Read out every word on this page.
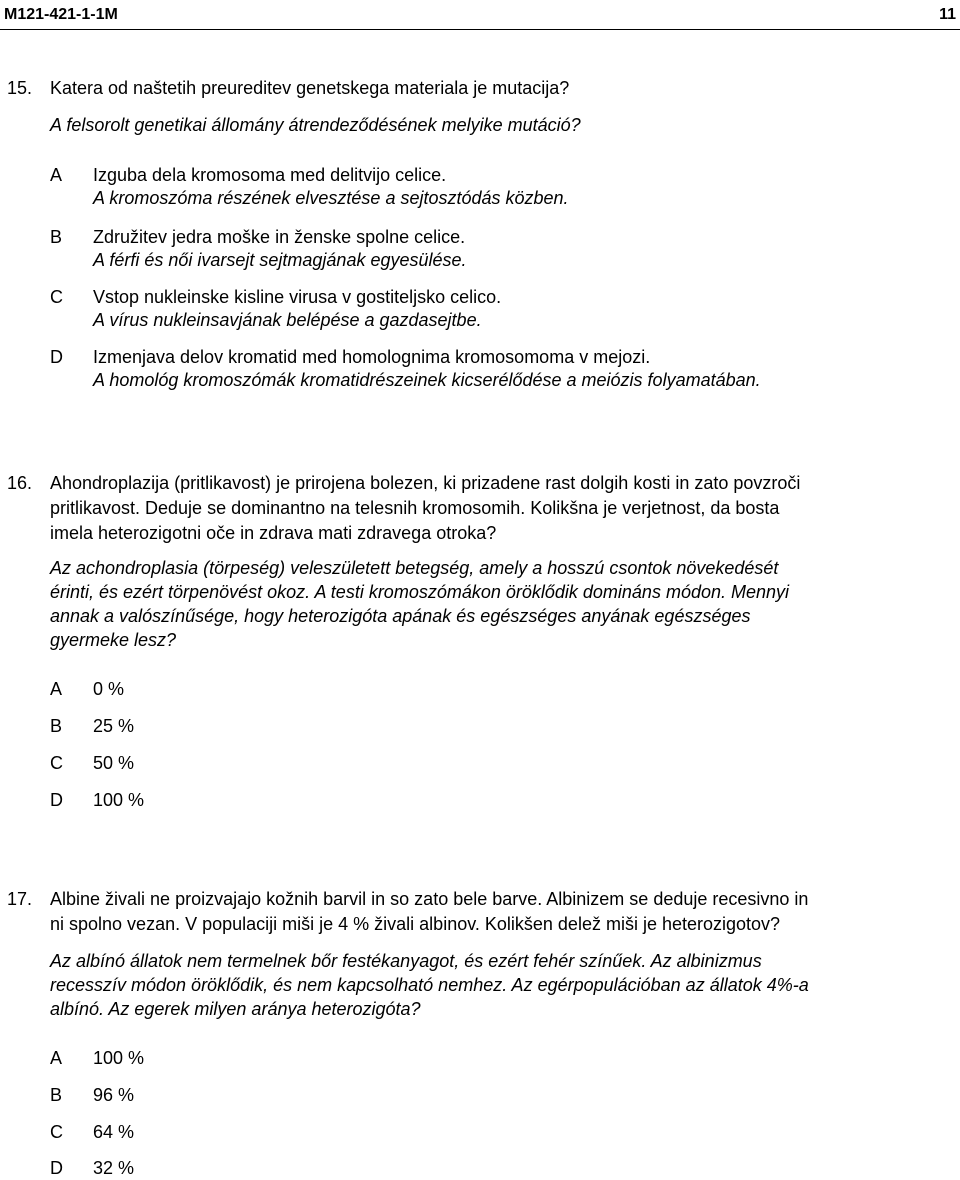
M121-421-1-1M	11
15. Katera od naštetih preureditev genetskega materiala je mutacija?
A felsorolt genetikai állomány átrendeződésének melyike mutáció?
A Izguba dela kromosoma med delitvijo celice.
A kromoszóma részének elvesztése a sejtosztódás közben.
B Združitev jedra moške in ženske spolne celice.
A férfi és női ivarsejt sejtmagjának egyesülése.
C Vstop nukleinske kisline virusa v gostiteljsko celico.
A vírus nukleinsavjának belépése a gazdasejtbe.
D Izmenjava delov kromatid med homolognima kromosomoma v mejozi.
A homológ kromoszómák kromatidrészeinek kicserélődése a meiózis folyamatában.
16. Ahondroplazija (pritlikavost) je prirojena bolezen, ki prizadene rast dolgih kosti in zato povzroči
pritlikavost. Deduje se dominantno na telesnih kromosomih. Kolikšna je verjetnost, da bosta
imela heterozigotni oče in zdrava mati zdravega otroka?
Az achondroplasia (törpeség) veleszületett betegség, amely a hosszú csontok növekedését
érinti, és ezért törpenövést okoz. A testi kromoszómákon öröklődik domináns módon. Mennyi
annak a valószínűsége, hogy heterozigóta apának és egészséges anyának egészséges
gyermeke lesz?
A 0 %
B 25 %
C 50 %
D 100 %
17. Albine živali ne proizvajajo kožnih barvil in so zato bele barve. Albinizem se deduje recesivno in
ni spolno vezan. V populaciji miši je 4 % živali albinov. Kolikšen delež miši je heterozigotov?
Az albínó állatok nem termelnek bőr festékanyagot, és ezért fehér színűek. Az albinizmus
recesszív módon öröklődik, és nem kapcsolható nemhez. Az egérpopulációban az állatok 4%-a
albínó. Az egerek milyen aránya heterozigóta?
A 100 %
B 96 %
C 64 %
D 32 %
